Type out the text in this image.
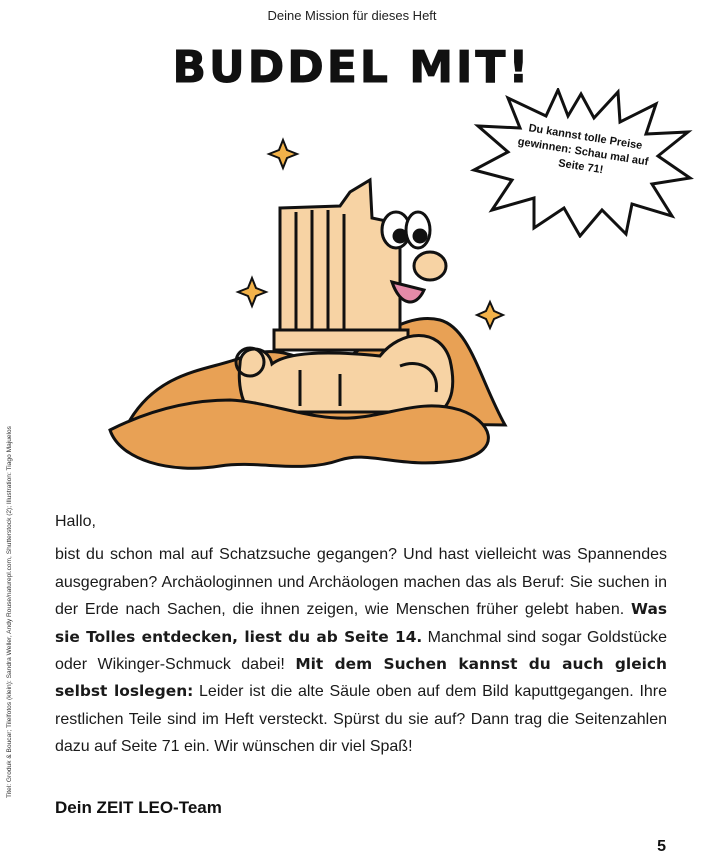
Deine Mission für dieses Heft
BUDDEL MIT!
Du kannst tolle Preise gewinnen: Schau mal auf Seite 71!
Titel: Groduk & Boucar; Tilelfotos (klein): Sandra Weller, Andy Rouse/naturepl.com, Shutterstock (2); Illustration: Tiago Majuelos	Hallo,

bist du schon mal auf Schatzsuche gegangen? Und hast vielleicht was Spannendes ausgegraben? Archäologinnen und Archäologen machen das als Beruf: Sie suchen in der Erde nach Sachen, die ihnen zeigen, wie Menschen früher gelebt haben. Was sie Tolles entdecken, liest du ab Seite 14. Manchmal sind sogar Goldstücke oder Wikinger-Schmuck dabei! Mit dem Suchen kannst du auch gleich selbst loslegen: Leider ist die alte Säule oben auf dem Bild kaputtgegangen. Ihre restlichen Teile sind im Heft versteckt. Spürst du sie auf? Dann trag die Seitenzahlen dazu auf Seite 71 ein. Wir wünschen dir viel Spaß!

Dein ZEIT LEO-Team
5
